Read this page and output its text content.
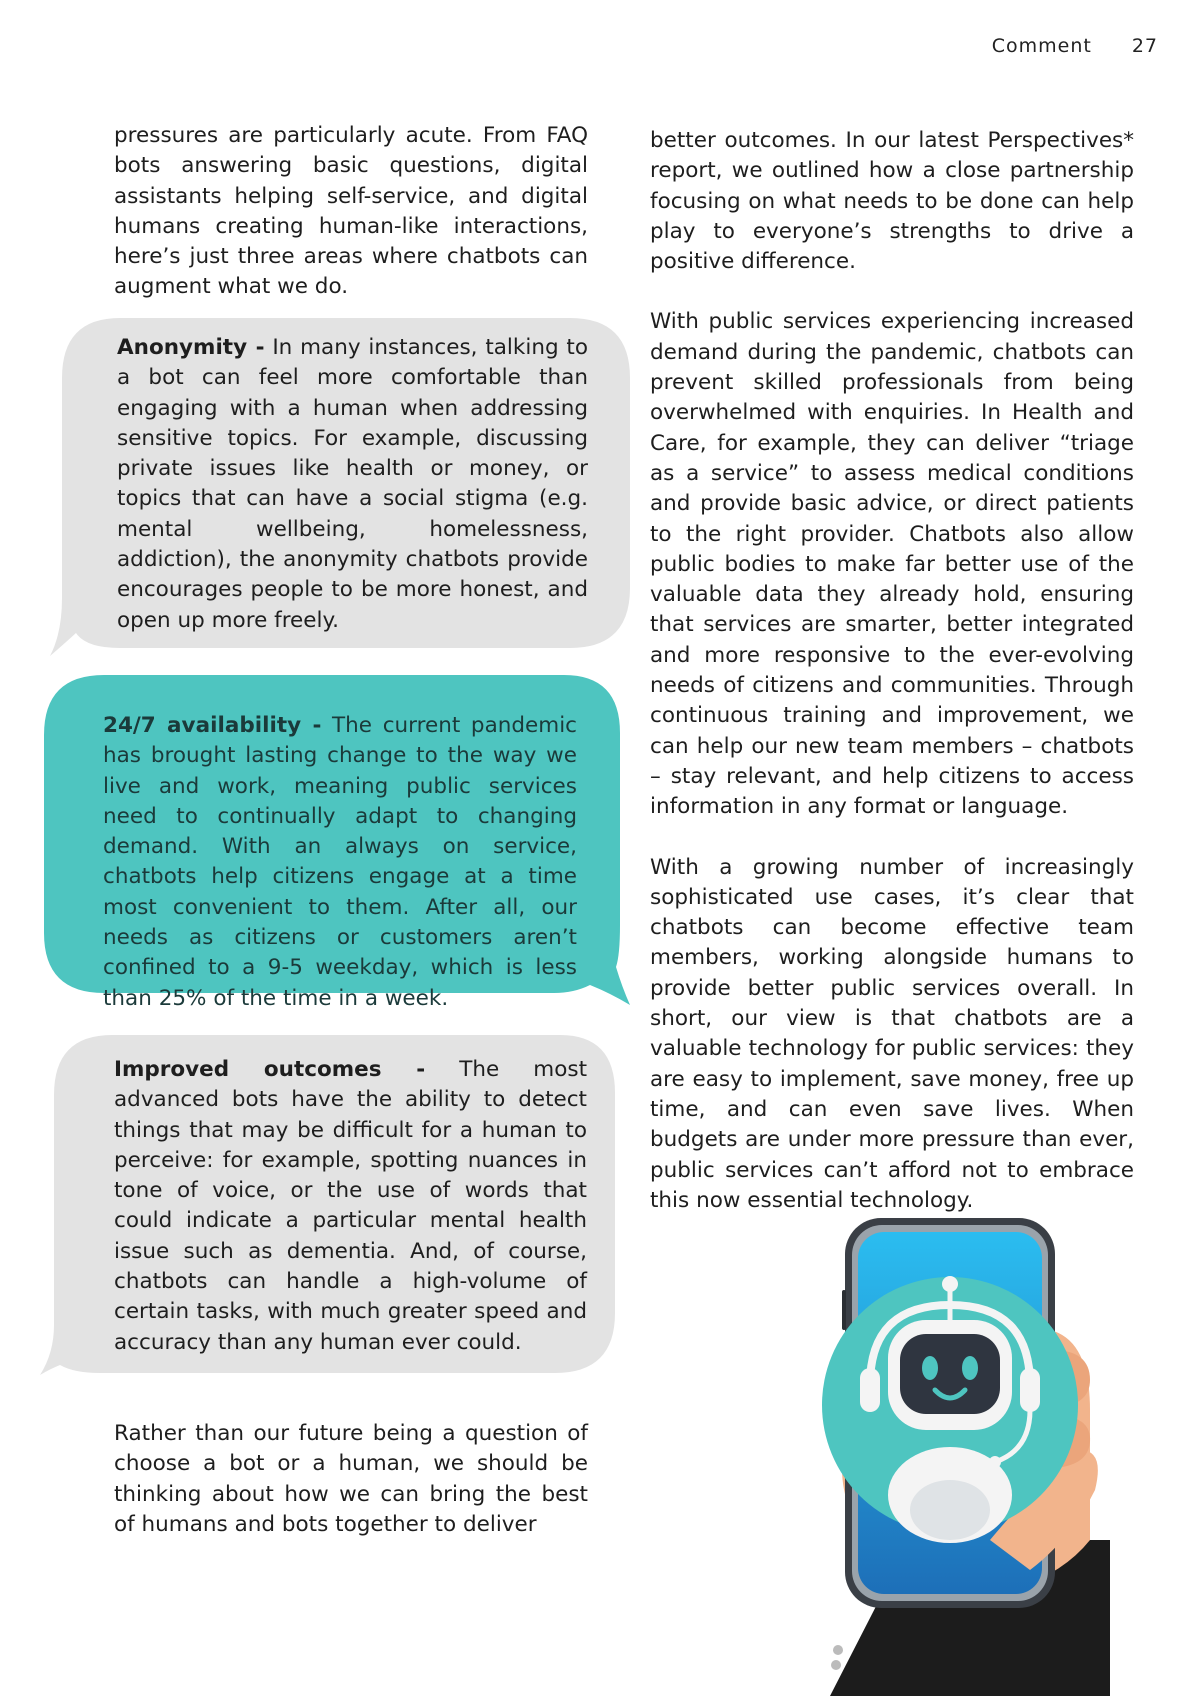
Comment 27

pressures are particularly acute. From FAQ bots answering basic questions, digital assistants helping self-service, and digital humans creating human-like interactions, here’s just three areas where chatbots can augment what we do.

Anonymity - In many instances, talking to a bot can feel more comfortable than engaging with a human when addressing sensitive topics. For example, discussing private issues like health or money, or topics that can have a social stigma (e.g. mental wellbeing, homelessness, addiction), the anonymity chatbots provide encourages people to be more honest, and open up more freely.
24/7 availability - The current pandemic has brought lasting change to the way we live and work, meaning public services need to continually adapt to changing demand. With an always on service, chatbots help citizens engage at a time most convenient to them. After all, our needs as citizens or customers aren’t confined to a 9-5 weekday, which is less than 25% of the time in a week.
Improved outcomes - The most advanced bots have the ability to detect things that may be difficult for a human to perceive: for example, spotting nuances in tone of voice, or the use of words that could indicate a particular mental health issue such as dementia. And, of course, chatbots can handle a high-volume of certain tasks, with much greater speed and accuracy than any human ever could.

Rather than our future being a question of choose a bot or a human, we should be thinking about how we can bring the best of humans and bots together to deliver

better outcomes. In our latest Perspectives* report, we outlined how a close partnership focusing on what needs to be done can help play to everyone’s strengths to drive a positive difference.

With public services experiencing increased demand during the pandemic, chatbots can prevent skilled professionals from being overwhelmed with enquiries. In Health and Care, for example, they can deliver “triage as a service” to assess medical conditions and provide basic advice, or direct patients to the right provider. Chatbots also allow public bodies to make far better use of the valuable data they already hold, ensuring that services are smarter, better integrated and more responsive to the ever-evolving needs of citizens and communities. Through continuous training and improvement, we can help our new team members – chatbots – stay relevant, and help citizens to access information in any format or language.

With a growing number of increasingly sophisticated use cases, it’s clear that chatbots can become effective team members, working alongside humans to provide better public services overall. In short, our view is that chatbots are a valuable technology for public services: they are easy to implement, save money, free up time, and can even save lives. When budgets are under more pressure than ever, public services can’t afford not to embrace this now essential technology.
